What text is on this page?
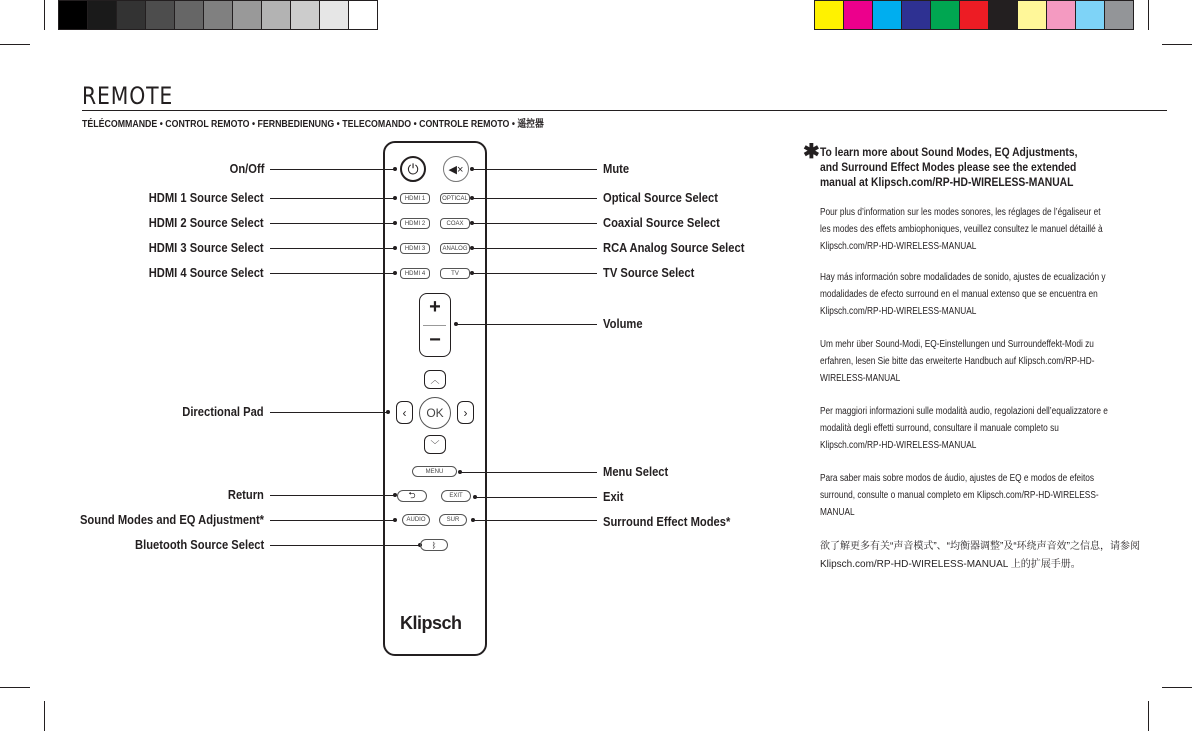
REMOTE
TÉLÉCOMMANDE • CONTROL REMOTO • FERNBEDIENUNG • TELECOMANDO • CONTROLE REMOTO • 遥控器
On/Off
HDMI 1 Source Select
HDMI 2 Source Select
HDMI 3 Source Select
HDMI 4 Source Select
Directional Pad
Return
Sound Modes and EQ Adjustment*
Bluetooth Source Select
Mute
Optical Source Select
Coaxial Source Select
RCA Analog Source Select
TV Source Select
Volume
Menu Select
Exit
Surround Effect Modes*
⏻	◀×
HDMI 1	OPTICAL
HDMI 2	COAX
HDMI 3	ANALOG
HDMI 4	TV
+
−
︿
‹	OK	›
﹀
MENU
⮌	EXIT
AUDIO	SUR
ᛒ
Klipsch
✱ To learn more about Sound Modes, EQ Adjustments, and Surround Effect Modes please see the extended manual at Klipsch.com/RP-HD-WIRELESS-MANUAL
Pour plus d’information sur les modes sonores, les réglages de l’égaliseur et les modes des effets ambiophoniques, veuillez consultez le manuel détaillé à Klipsch.com/RP-HD-WIRELESS-MANUAL
Hay más información sobre modalidades de sonido, ajustes de ecualización y modalidades de efecto surround en el manual extenso que se encuentra en Klipsch.com/RP-HD-WIRELESS-MANUAL
Um mehr über Sound-Modi, EQ-Einstellungen und Surroundeffekt-Modi zu erfahren, lesen Sie bitte das erweiterte Handbuch auf Klipsch.com/RP-HD-WIRELESS-MANUAL
Per maggiori informazioni sulle modalità audio, regolazioni dell’equalizzatore e modalità degli effetti surround, consultare il manuale completo su Klipsch.com/RP-HD-WIRELESS-MANUAL
Para saber mais sobre modos de áudio, ajustes de EQ e modos de efeitos surround, consulte o manual completo em Klipsch.com/RP-HD-WIRELESS-MANUAL
欲了解更多有关“声音模式”、“均衡器调整”及“环绕声音效”之信息，请参阅 Klipsch.com/RP-HD-WIRELESS-MANUAL 上的扩展手册。
